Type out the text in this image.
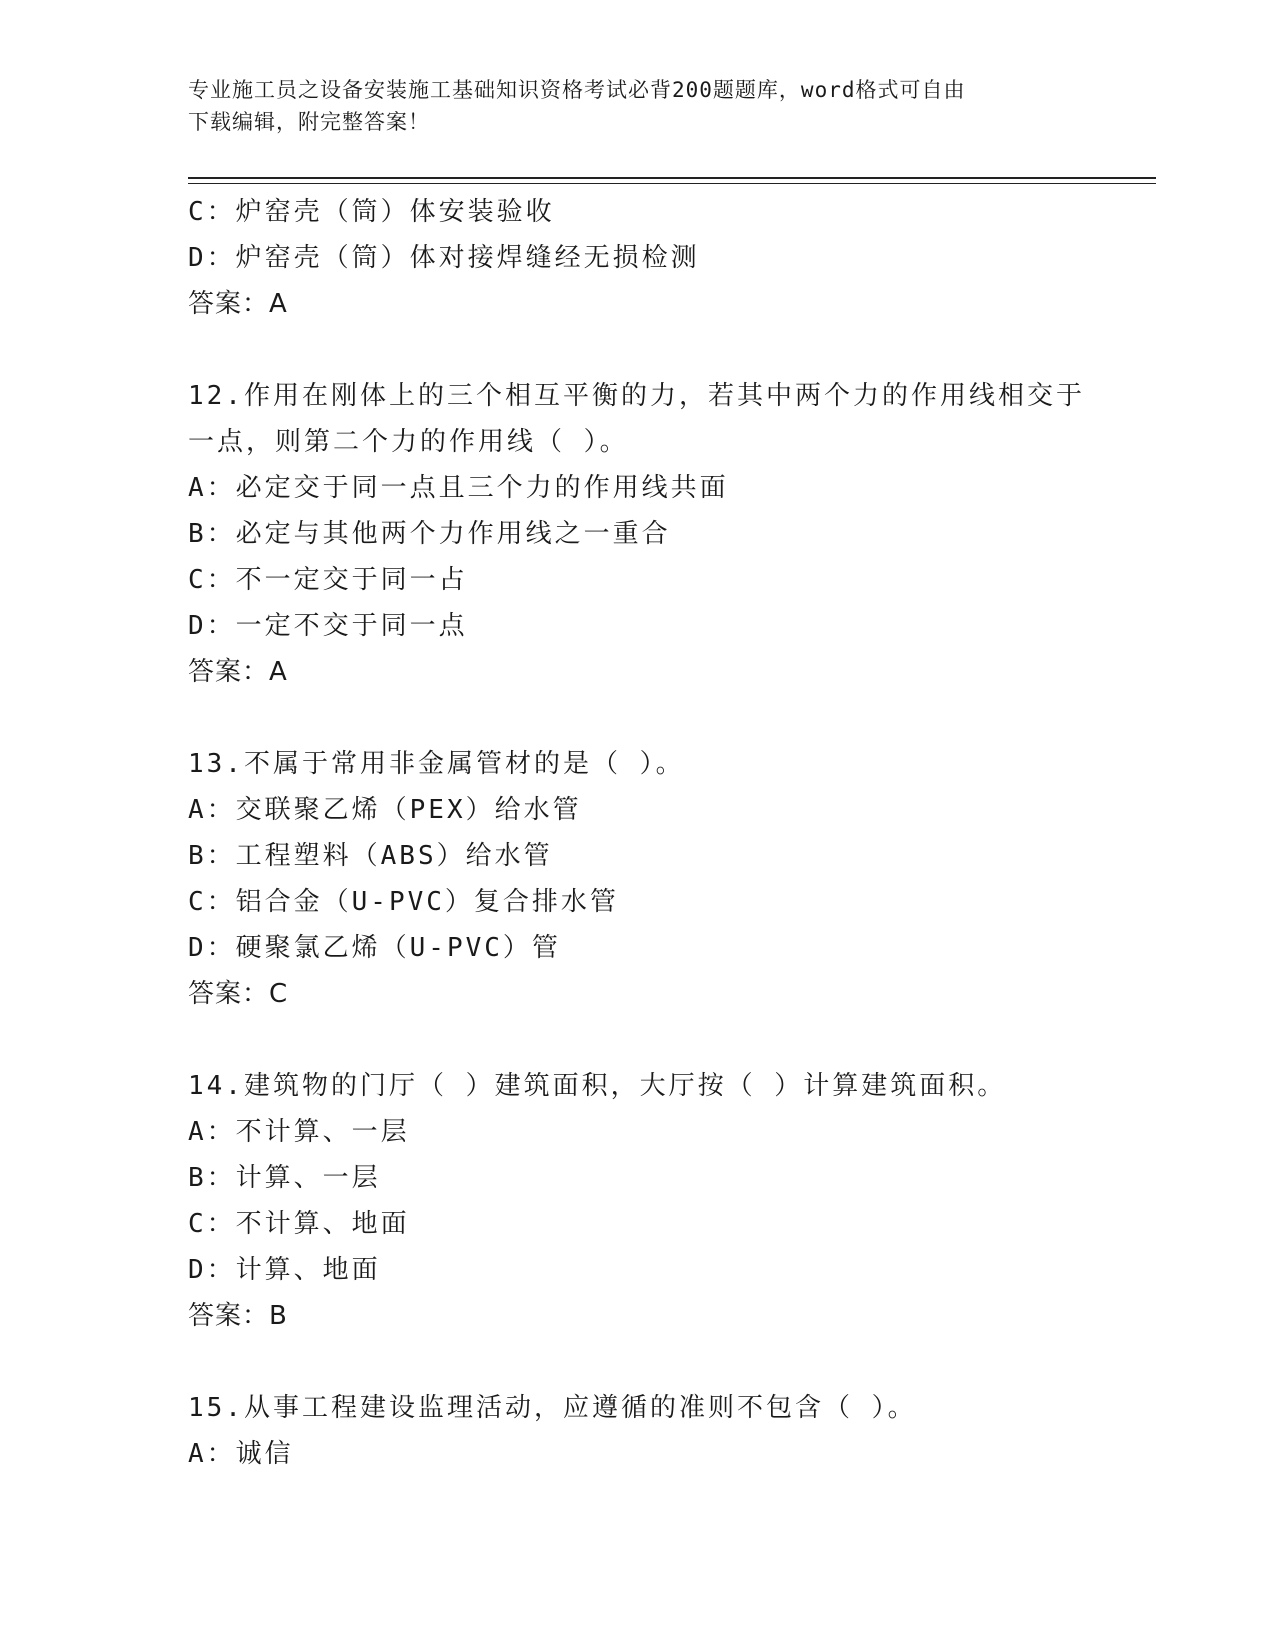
专业施工员之设备安装施工基础知识资格考试必背200题题库，word格式可自由
下载编辑，附完整答案！
C：炉窑壳（筒）体安装验收
D：炉窑壳（筒）体对接焊缝经无损检测
答案：A
12.作用在刚体上的三个相互平衡的力，若其中两个力的作用线相交于
一点，则第二个力的作用线（ ）。
A：必定交于同一点且三个力的作用线共面
B：必定与其他两个力作用线之一重合
C：不一定交于同一占
D：一定不交于同一点
答案：A
13.不属于常用非金属管材的是（ ）。
A：交联聚乙烯（PEX）给水管
B：工程塑料（ABS）给水管
C：铝合金（U-PVC）复合排水管
D：硬聚氯乙烯（U-PVC）管
答案：C
14.建筑物的门厅（ ）建筑面积，大厅按（ ）计算建筑面积。
A：不计算、一层
B：计算、一层
C：不计算、地面
D：计算、地面
答案：B
15.从事工程建设监理活动，应遵循的准则不包含（ ）。
A：诚信
